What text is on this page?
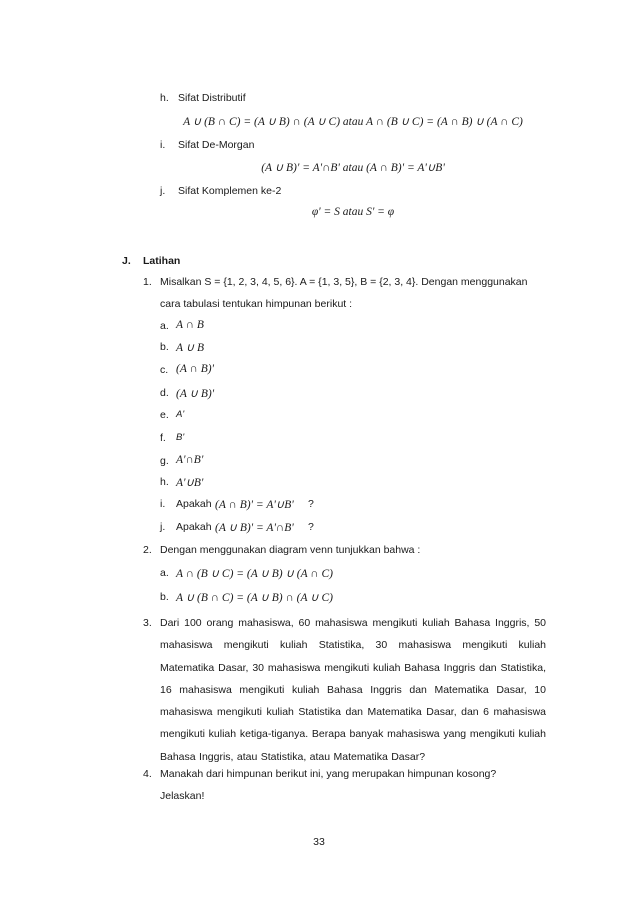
h. Sifat Distributif
A ∪ (B ∩ C) = (A ∪ B) ∩ (A ∪ C) atau A ∩ (B ∪ C) = (A ∩ B) ∪ (A ∩ C)
i. Sifat De-Morgan
(A ∪ B)' = A'∩B' atau (A ∩ B)' = A'∪B'
j. Sifat Komplemen ke-2
φ' = S atau S' = φ
J. Latihan
1. Misalkan S = {1, 2, 3, 4, 5, 6}. A = {1, 3, 5}, B = {2, 3, 4}. Dengan menggunakan
cara tabulasi tentukan himpunan berikut :
a. A ∩ B
b. A ∪ B
c. (A ∩ B)'
d. (A ∪ B)'
e. A'
f. B'
g. A'∩B'
h. A'∪B'
i. Apakah (A ∩ B)' = A'∪B' ?
j. Apakah (A ∪ B)' = A'∩B' ?
2. Dengan menggunakan diagram venn tunjukkan bahwa :
a. A ∩ (B ∪ C) = (A ∪ B) ∪ (A ∩ C)
b. A ∪ (B ∩ C) = (A ∪ B) ∩ (A ∪ C)
3. Dari 100 orang mahasiswa, 60 mahasiswa mengikuti kuliah Bahasa Inggris, 50 mahasiswa mengikuti kuliah Statistika, 30 mahasiswa mengikuti kuliah Matematika Dasar, 30 mahasiswa mengikuti kuliah Bahasa Inggris dan Statistika, 16 mahasiswa mengikuti kuliah Bahasa Inggris dan Matematika Dasar, 10 mahasiswa mengikuti kuliah Statistika dan Matematika Dasar, dan 6 mahasiswa mengikuti kuliah ketiga-tiganya. Berapa banyak mahasiswa yang mengikuti kuliah Bahasa Inggris, atau Statistika, atau Matematika Dasar?
4. Manakah dari himpunan berikut ini, yang merupakan himpunan kosong?
Jelaskan!
33
